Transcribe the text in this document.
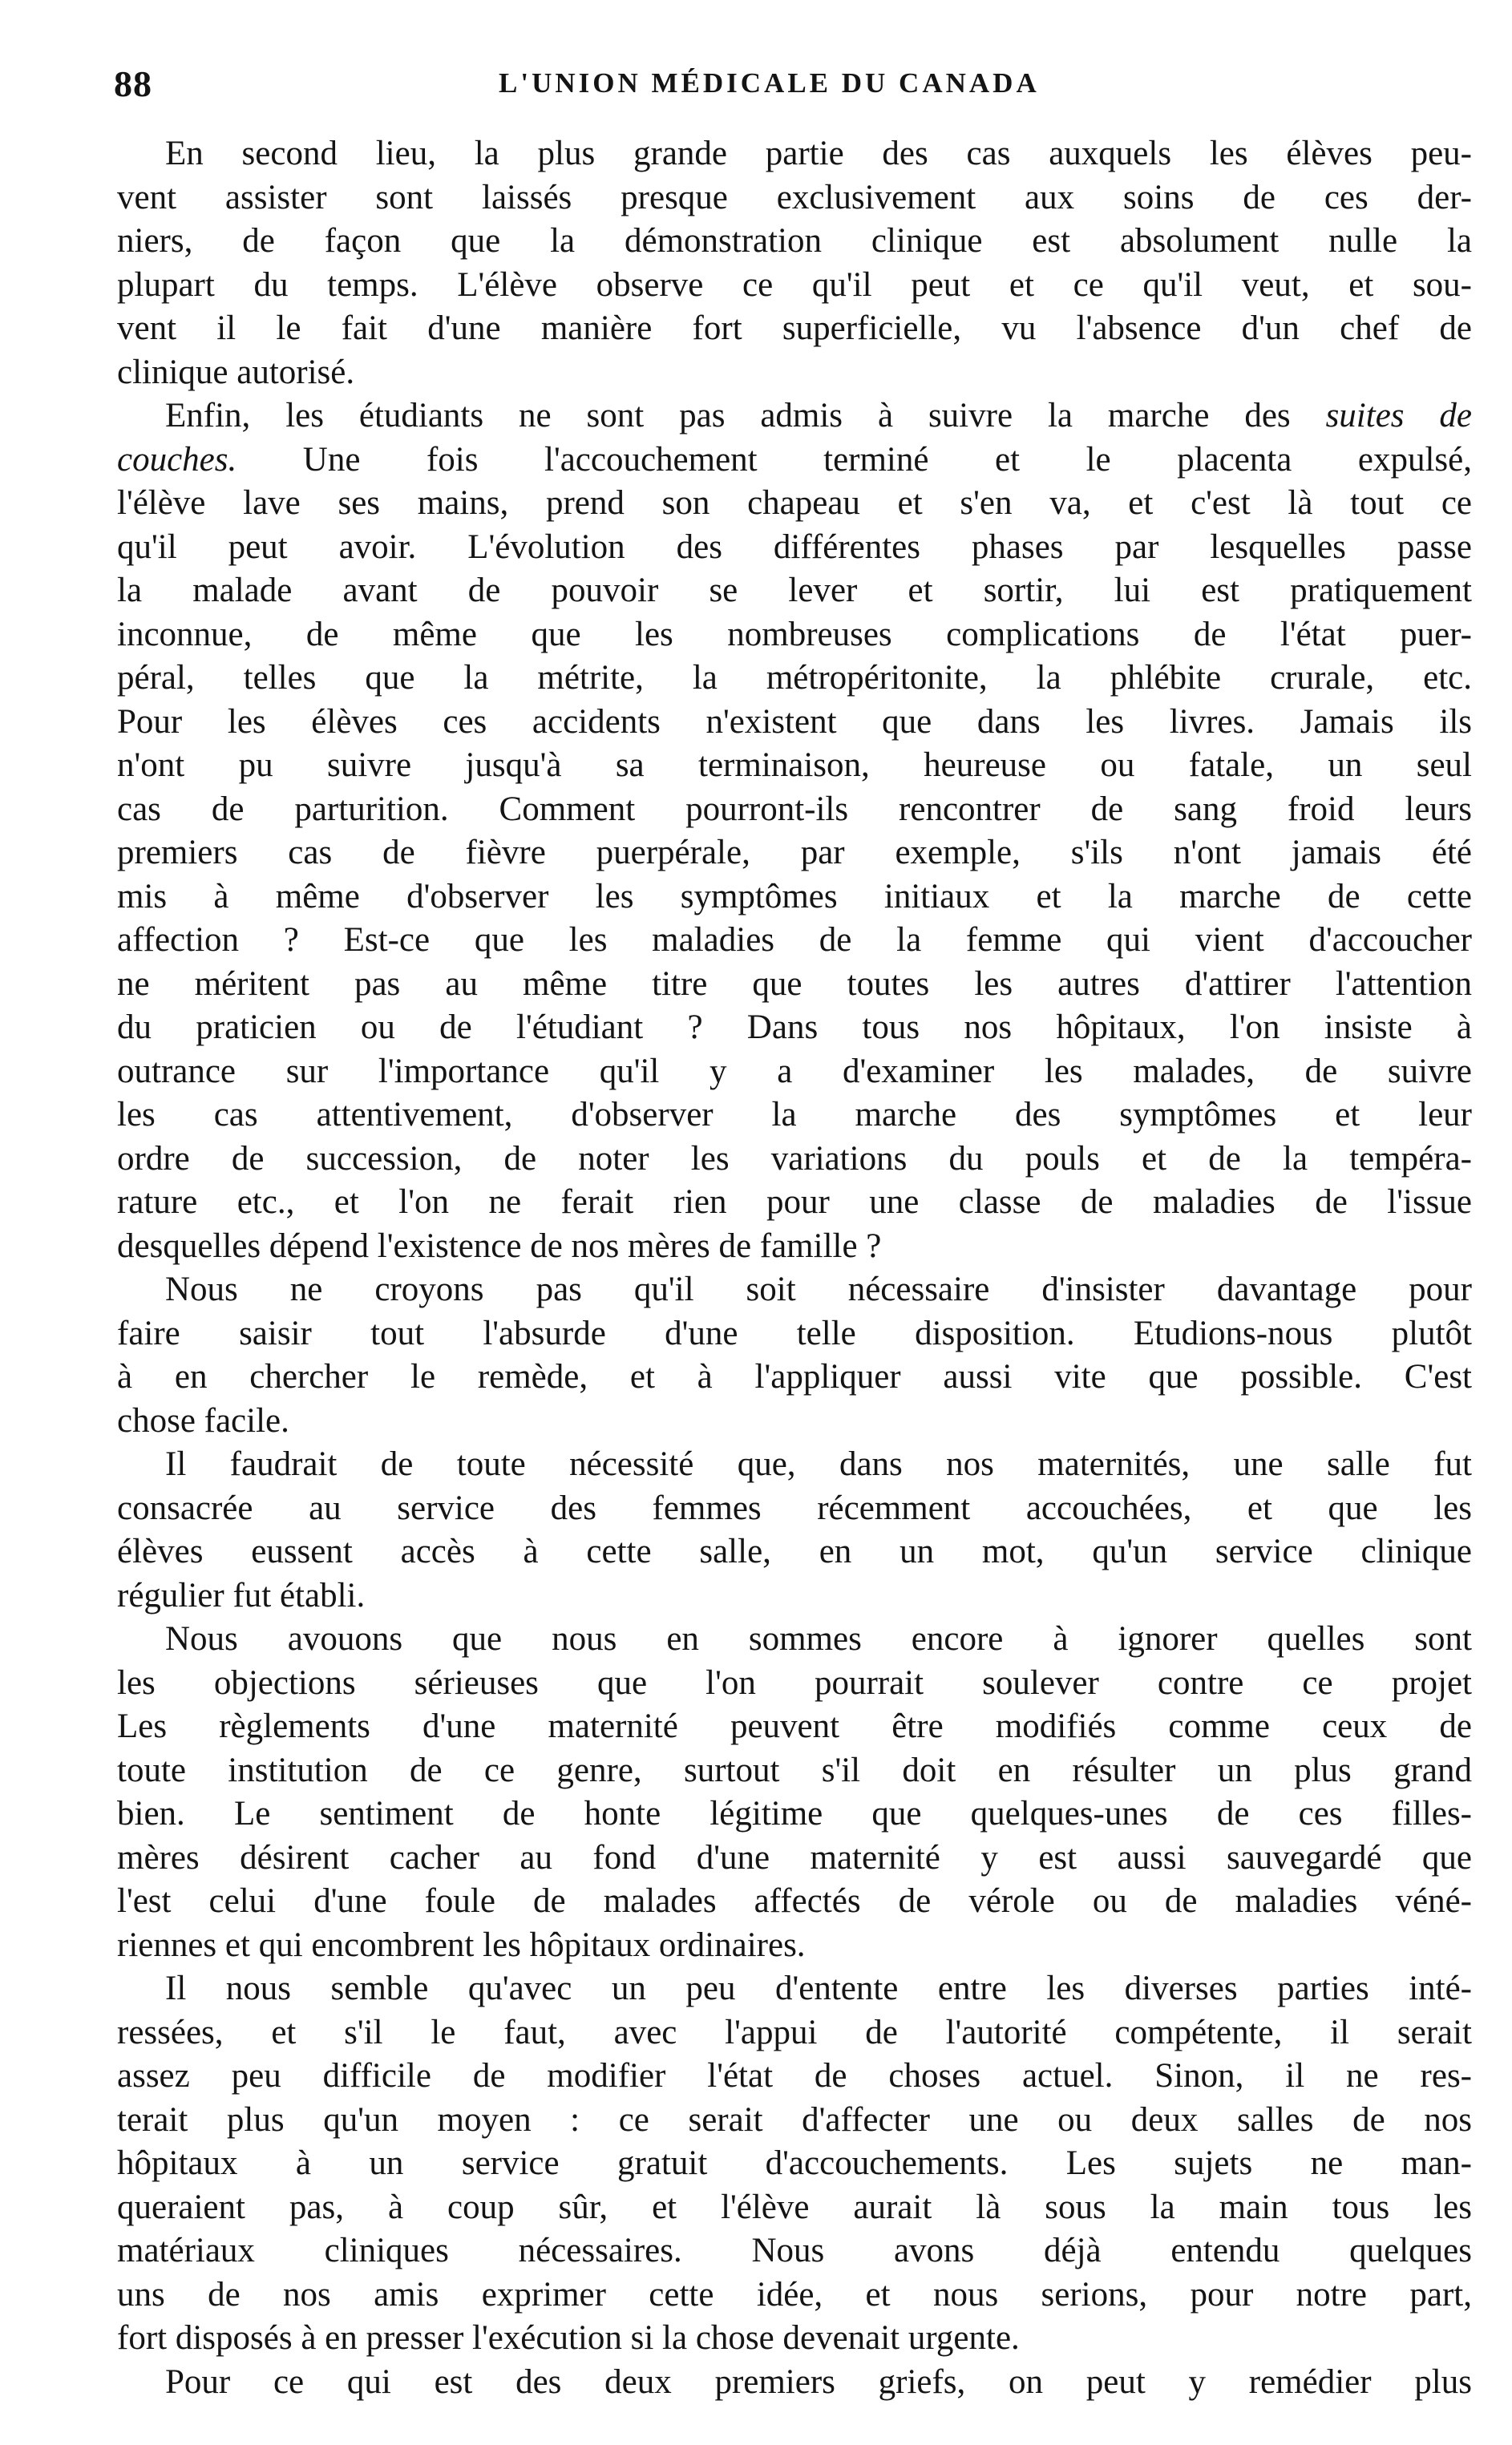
88	L'UNION MÉDICALE DU CANADA
En second lieu, la plus grande partie des cas auxquels les élèves peu-
vent assister sont laissés presque exclusivement aux soins de ces der-
niers, de façon que la démonstration clinique est absolument nulle la
plupart du temps. L'élève observe ce qu'il peut et ce qu'il veut, et sou-
vent il le fait d'une manière fort superficielle, vu l'absence d'un chef de
clinique autorisé.
Enfin, les étudiants ne sont pas admis à suivre la marche des suites de
couches. Une fois l'accouchement terminé et le placenta expulsé,
l'élève lave ses mains, prend son chapeau et s'en va, et c'est là tout ce
qu'il peut avoir. L'évolution des différentes phases par lesquelles passe
la malade avant de pouvoir se lever et sortir, lui est pratiquement
inconnue, de même que les nombreuses complications de l'état puer-
péral, telles que la métrite, la métropéritonite, la phlébite crurale, etc.
Pour les élèves ces accidents n'existent que dans les livres. Jamais ils
n'ont pu suivre jusqu'à sa terminaison, heureuse ou fatale, un seul
cas de parturition. Comment pourront-ils rencontrer de sang froid leurs
premiers cas de fièvre puerpérale, par exemple, s'ils n'ont jamais été
mis à même d'observer les symptômes initiaux et la marche de cette
affection ? Est-ce que les maladies de la femme qui vient d'accoucher
ne méritent pas au même titre que toutes les autres d'attirer l'attention
du praticien ou de l'étudiant ? Dans tous nos hôpitaux, l'on insiste à
outrance sur l'importance qu'il y a d'examiner les malades, de suivre
les cas attentivement, d'observer la marche des symptômes et leur
ordre de succession, de noter les variations du pouls et de la tempéra-
rature etc., et l'on ne ferait rien pour une classe de maladies de l'issue
desquelles dépend l'existence de nos mères de famille ?
Nous ne croyons pas qu'il soit nécessaire d'insister davantage pour
faire saisir tout l'absurde d'une telle disposition. Etudions-nous plutôt
à en chercher le remède, et à l'appliquer aussi vite que possible. C'est
chose facile.
Il faudrait de toute nécessité que, dans nos maternités, une salle fut
consacrée au service des femmes récemment accouchées, et que les
élèves eussent accès à cette salle, en un mot, qu'un service clinique
régulier fut établi.
Nous avouons que nous en sommes encore à ignorer quelles sont
les objections sérieuses que l'on pourrait soulever contre ce projet
Les règlements d'une maternité peuvent être modifiés comme ceux de
toute institution de ce genre, surtout s'il doit en résulter un plus grand
bien. Le sentiment de honte légitime que quelques-unes de ces filles-
mères désirent cacher au fond d'une maternité y est aussi sauvegardé que
l'est celui d'une foule de malades affectés de vérole ou de maladies véné-
riennes et qui encombrent les hôpitaux ordinaires.
Il nous semble qu'avec un peu d'entente entre les diverses parties inté-
ressées, et s'il le faut, avec l'appui de l'autorité compétente, il serait
assez peu difficile de modifier l'état de choses actuel. Sinon, il ne res-
terait plus qu'un moyen : ce serait d'affecter une ou deux salles de nos
hôpitaux à un service gratuit d'accouchements. Les sujets ne man-
queraient pas, à coup sûr, et l'élève aurait là sous la main tous les
matériaux cliniques nécessaires. Nous avons déjà entendu quelques
uns de nos amis exprimer cette idée, et nous serions, pour notre part,
fort disposés à en presser l'exécution si la chose devenait urgente.
Pour ce qui est des deux premiers griefs, on peut y remédier plus
